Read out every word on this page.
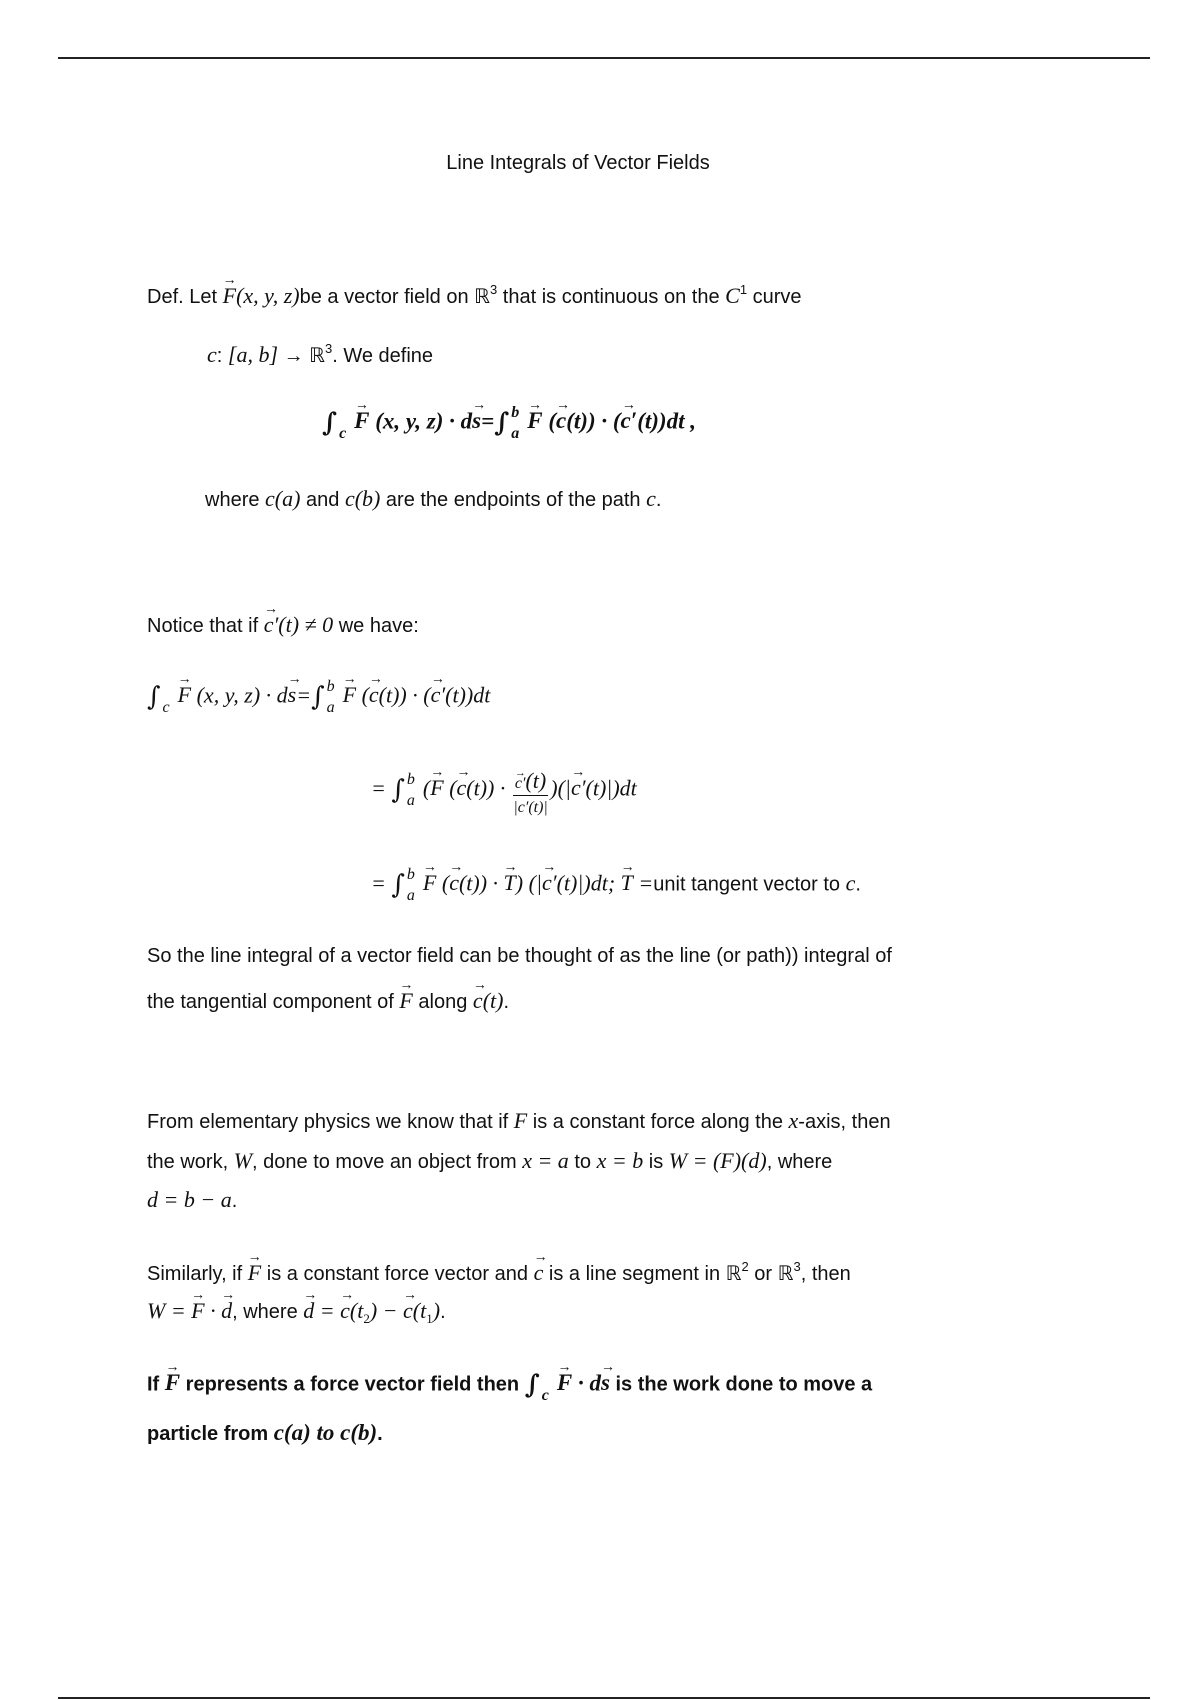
Line Integrals of Vector Fields
Def. Let → F(x, y, z)be a vector field on ℝ$^3$ that is continuous on the $C^1$ curve
c: [a, b] → ℝ$^3$. We define
∫ c
→ F (x, y, z) · d→ s= ∫ b
a
→ F (→ c(t)) · (→ c′(t))dt ,
where c(a) and c(b) are the endpoints of the path c.
Notice that if → c′(t) ≠ 0 we have:
∫ c
→ F (x, y, z) · d→ s= ∫ b
a
→ F (→ c(t)) · (→ c′(t))dt
= ∫ b
a
(→ F (→ c(t)) · → $\frac{c'(t)}{|c'(t)|}$ )(|→ c′(t)|)dt
= ∫ b
a
→ F (→ c(t)) · → T) (|→ c′(t)|)dt; → T =unit tangent vector to c.
So the line integral of a vector field can be thought of as the line (or path)) integral of
the tangential component of → F along → c(t).
From elementary physics we know that if F is a constant force along the x-axis, then
the work, W, done to move an object from x = a to x = b is W = (F)(d), where
d = b − a.
Similarly, if → F is a constant force vector and → c is a line segment in ℝ$^2$ or ℝ$^3$, then
W = → F · → d, where → d = → $c(t_2)$ − → $c(t_1)$.
If → F represents a force vector field then ∫ c
→ F · d→ s is the work done to move a
particle from c(a) to c(b).
